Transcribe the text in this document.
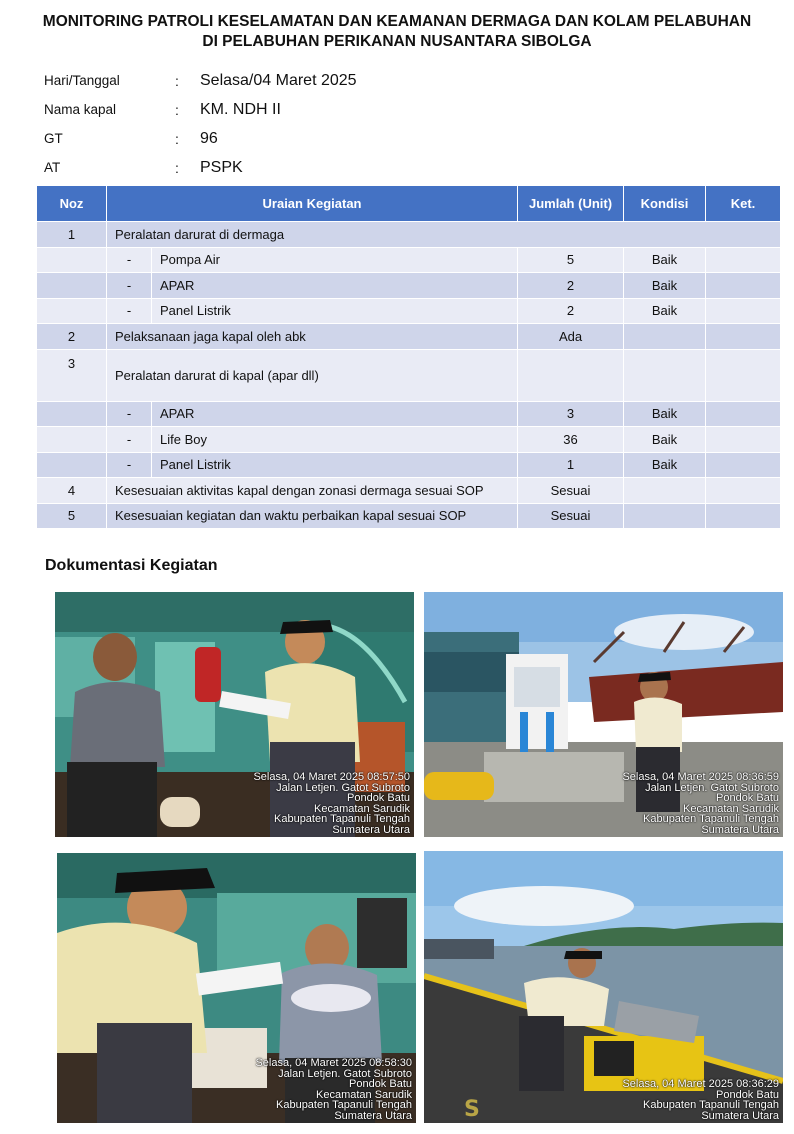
MONITORING PATROLI KESELAMATAN DAN KEAMANAN DERMAGA DAN KOLAM PELABUHAN
DI PELABUHAN PERIKANAN NUSANTARA SIBOLGA
Hari/Tanggal	:	Selasa/04 Maret 2025
Nama kapal	:	KM. NDH II
GT	:	96
AT	:	PSPK
Noz	Uraian Kegiatan		Jumlah (Unit)	Kondisi	Ket.
1	Peralatan darurat di dermaga				
	-	Pompa Air	5	Baik	
	-	APAR	2	Baik	
	-	Panel Listrik	2	Baik	
2	Pelaksanaan jaga kapal oleh abk		Ada		
3	Peralatan darurat di kapal (apar dll)				
	-	APAR	3	Baik	
	-	Life Boy	36	Baik	
	-	Panel Listrik	1	Baik	
4	Kesesuaian aktivitas kapal dengan zonasi dermaga sesuai SOP		Sesuai		
5	Kesesuaian kegiatan dan waktu perbaikan kapal sesuai SOP		Sesuai		
Dokumentasi Kegiatan
Selasa, 04 Maret 2025 08:57:50
Jalan Letjen. Gatot Subroto
Pondok Batu
Kecamatan Sarudik
Kabupaten Tapanuli Tengah
Sumatera Utara
Selasa, 04 Maret 2025 08:36:59
Jalan Letjen. Gatot Subroto
Pondok Batu
Kecamatan Sarudik
Kabupaten Tapanuli Tengah
Sumatera Utara
Selasa, 04 Maret 2025 08:58:30
Jalan Letjen. Gatot Subroto
Pondok Batu
Kecamatan Sarudik
Kabupaten Tapanuli Tengah
Sumatera Utara S
Selasa, 04 Maret 2025 08:36:29
Pondok Batu
Kabupaten Tapanuli Tengah
Sumatera Utara
